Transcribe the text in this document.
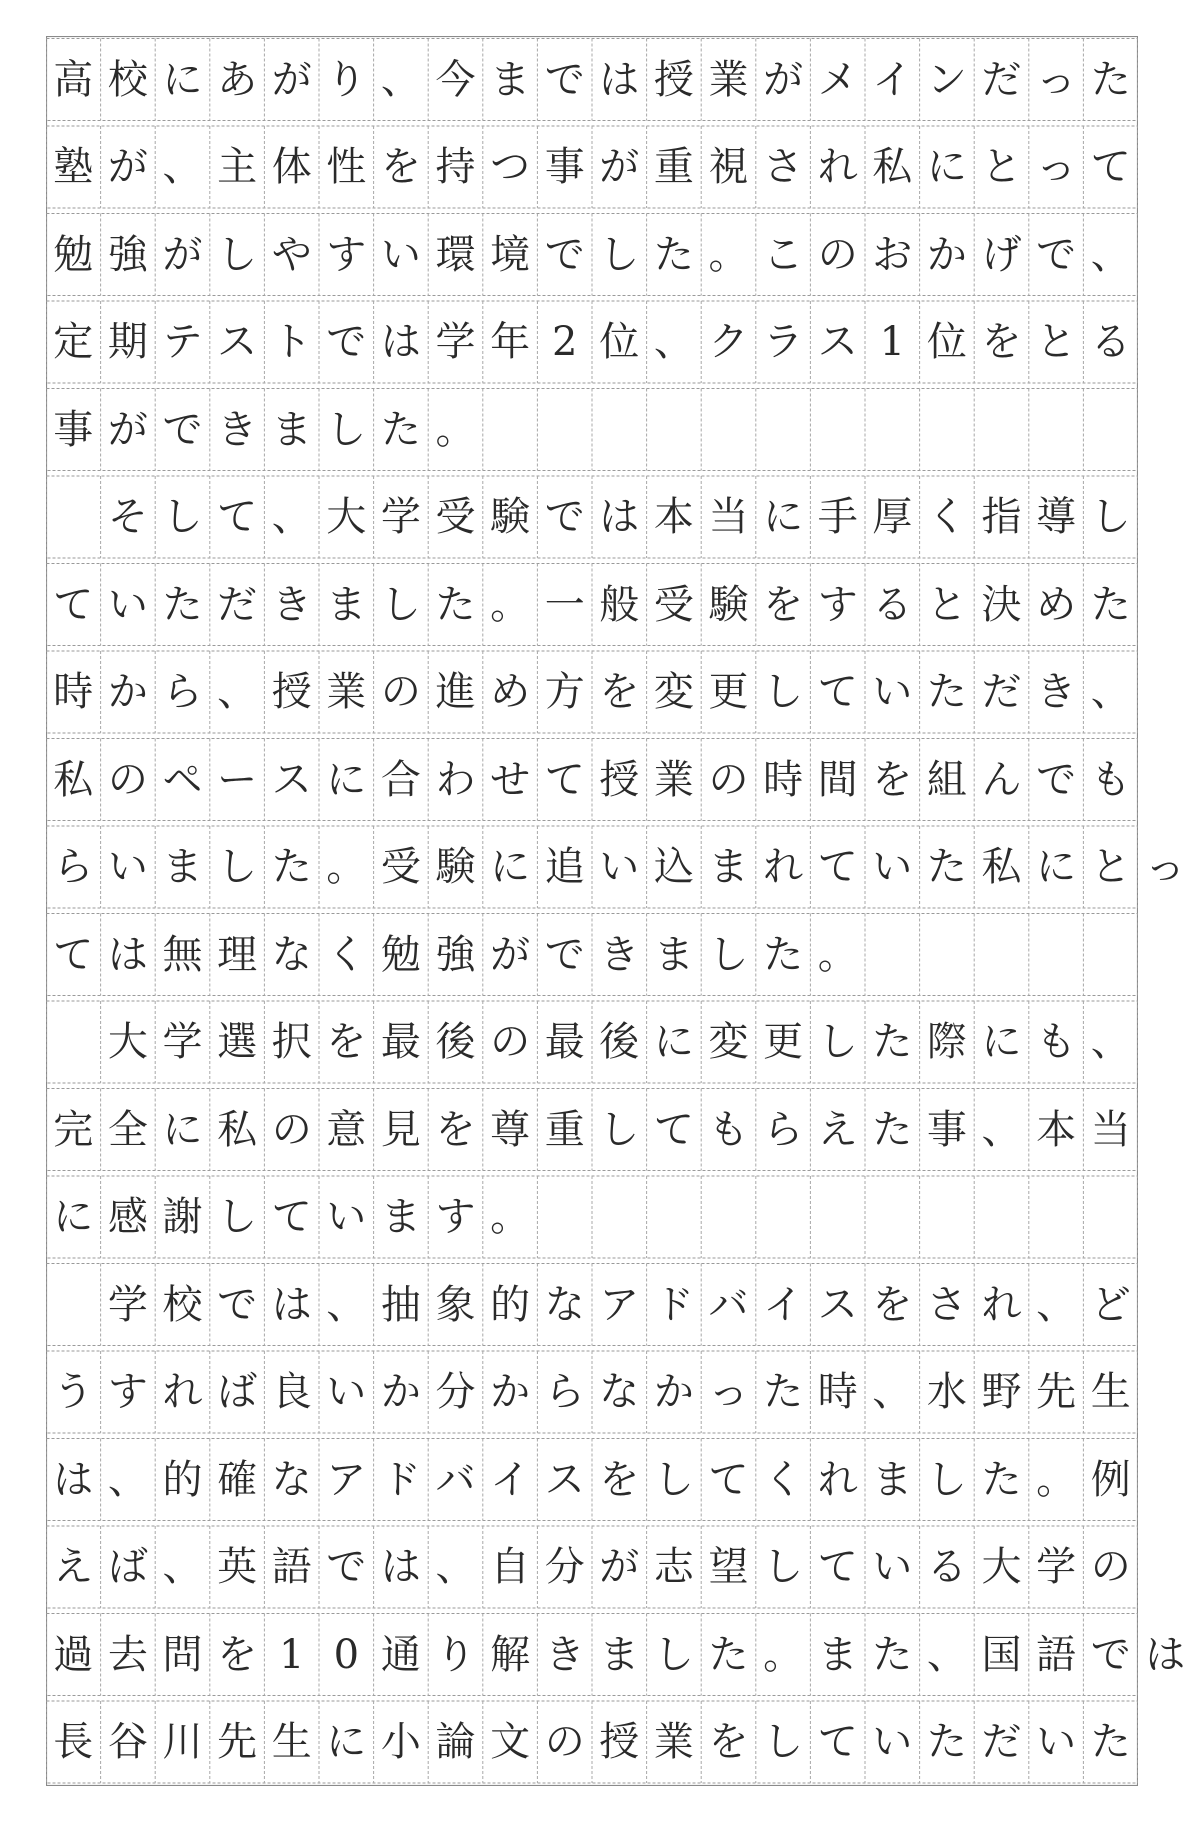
高 校 に あ が り 、 今 ま で は 授 業 が メ イ ン だ っ た
塾 が 、 主 体 性 を 持 つ 事 が 重 視 さ れ 私 に と っ て
勉 強 が し や す い 環 境 で し た 。 こ の お か げ で 、
定 期 テ ス ト で は 学 年 2 位 、 ク ラ ス 1 位 を と る
事 が で き ま し た 。

そ し て 、 大 学 受 験 で は 本 当 に 手 厚 く 指 導 し
て い た だ き ま し た 。 一 般 受 験 を す る と 決 め た
時 か ら 、 授 業 の 進 め 方 を 変 更 し て い た だ き 、
私 の ペ ー ス に 合 わ せ て 授 業 の 時 間 を 組 ん で も
ら い ま し た 。 受 験 に 追 い 込 ま れ て い た 私 に と っ
て は 無 理 な く 勉 強 が で き ま し た 。

大 学 選 択 を 最 後 の 最 後 に 変 更 し た 際 に も 、
完 全 に 私 の 意 見 を 尊 重 し て も ら え た 事 、 本 当
に 感 謝 し て い ま す 。

学 校 で は 、 抽 象 的 な ア ド バ イ ス を さ れ 、 ど
う す れ ば 良 い か 分 か ら な か っ た 時 、 水 野 先 生
は 、 的 確 な ア ド バ イ ス を し て く れ ま し た 。 例
え ば 、 英 語 で は 、 自 分 が 志 望 し て い る 大 学 の
過 去 問 を 1 0 通 り 解 き ま し た 。 ま た 、 国 語 で は
長 谷 川 先 生 に 小 論 文 の 授 業 を し て い た だ い た
